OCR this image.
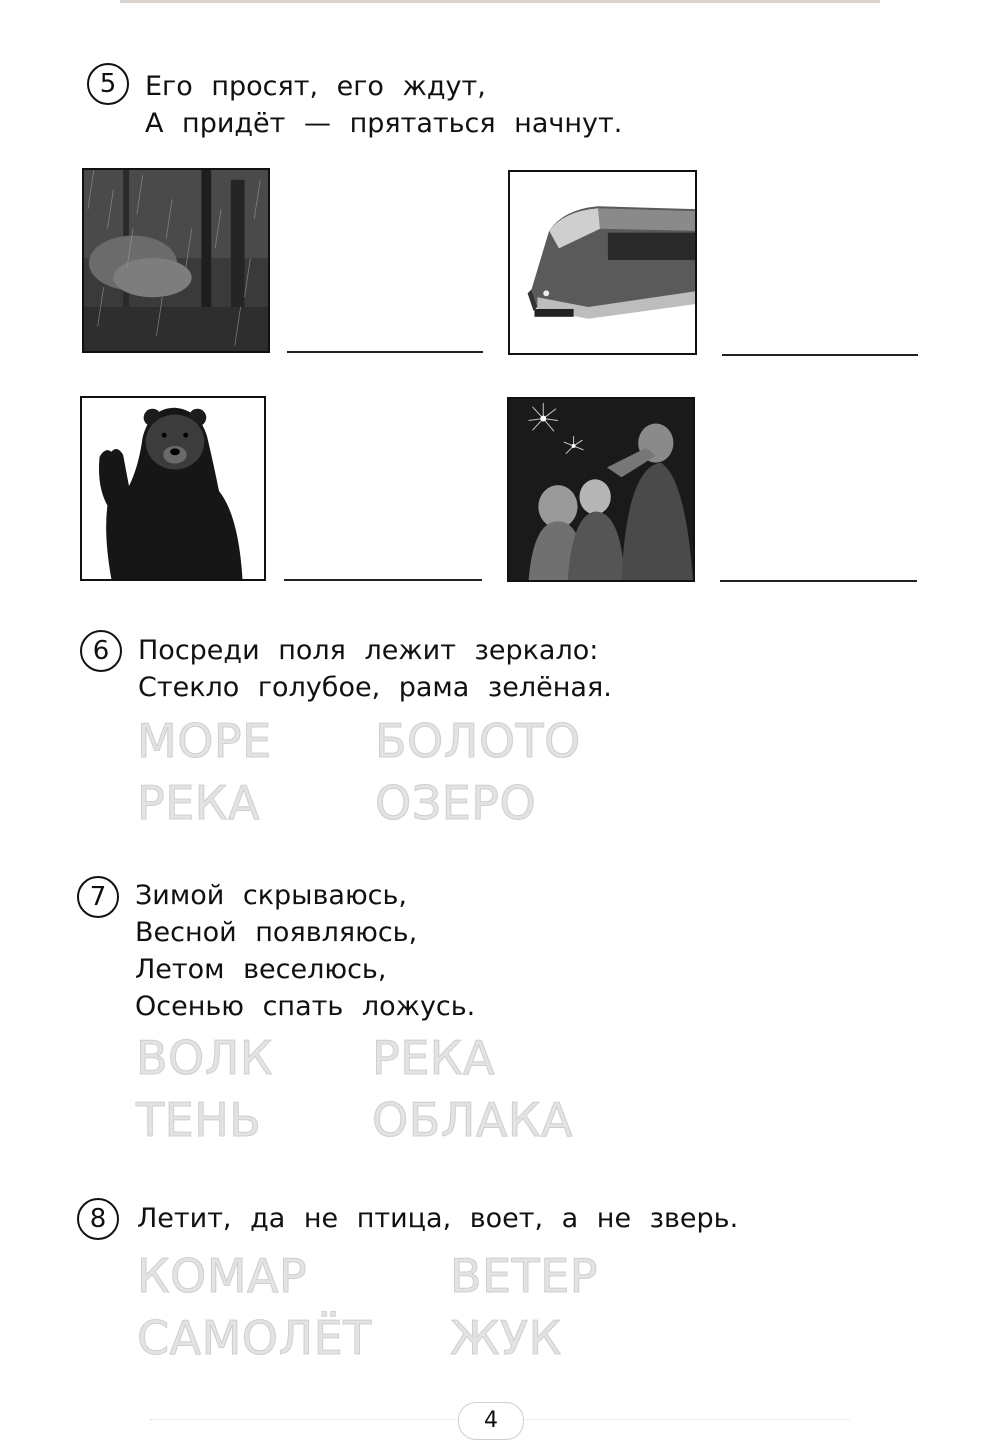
5	Его просят, его ждут,
А придёт — прятаться начнут.
6	Посреди поля лежит зеркало:
Стекло голубое, рама зелёная.
МОРЕ БОЛОТО
РЕКА	ОЗЕРО
7	Зимой скрываюсь,
Весной появляюсь,
Летом веселюсь,
Осенью спать ложусь.
ВОЛК РЕКА
ТЕНЬ ОБЛАКА
8	Летит, да не птица, воет, а не зверь.
КОМАР	ВЕТЕР
САМОЛЁТ ЖУК
4
